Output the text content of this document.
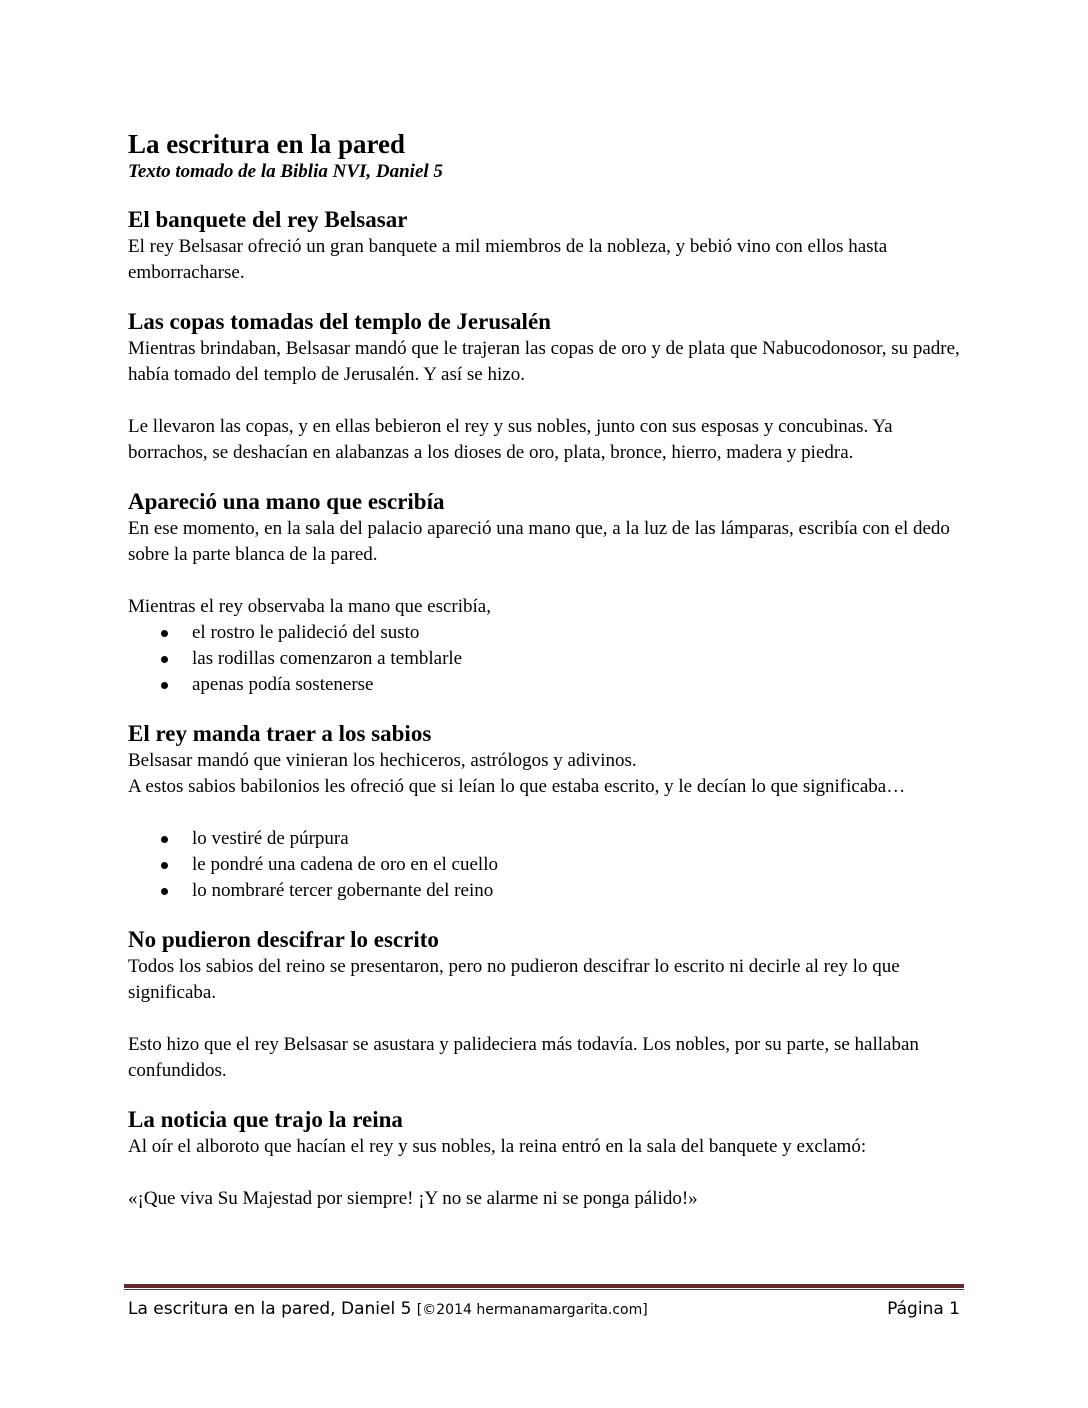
La escritura en la pared
Texto tomado de la Biblia NVI, Daniel 5
El banquete del rey Belsasar

El rey Belsasar ofreció un gran banquete a mil miembros de la nobleza, y bebió vino con ellos hasta emborracharse.

Las copas tomadas del templo de Jerusalén

Mientras brindaban, Belsasar mandó que le trajeran las copas de oro y de plata que Nabucodonosor, su padre, había tomado del templo de Jerusalén. Y así se hizo.

Le llevaron las copas, y en ellas bebieron el rey y sus nobles, junto con sus esposas y concubinas. Ya borrachos, se deshacían en alabanzas a los dioses de oro, plata, bronce, hierro, madera y piedra.

Apareció una mano que escribía

En ese momento, en la sala del palacio apareció una mano que, a la luz de las lámparas, escribía con el dedo sobre la parte blanca de la pared.

Mientras el rey observaba la mano que escribía,

el rostro le palideció del susto
las rodillas comenzaron a temblarle
apenas podía sostenerse
El rey manda traer a los sabios

Belsasar mandó que vinieran los hechiceros, astrólogos y adivinos.

A estos sabios babilonios les ofreció que si leían lo que estaba escrito, y le decían lo que significaba…

lo vestiré de púrpura
le pondré una cadena de oro en el cuello
lo nombraré tercer gobernante del reino
No pudieron descifrar lo escrito

Todos los sabios del reino se presentaron, pero no pudieron descifrar lo escrito ni decirle al rey lo que significaba.

Esto hizo que el rey Belsasar se asustara y palideciera más todavía. Los nobles, por su parte, se hallaban confundidos.

La noticia que trajo la reina

Al oír el alboroto que hacían el rey y sus nobles, la reina entró en la sala del banquete y exclamó:

«¡Que viva Su Majestad por siempre! ¡Y no se alarme ni se ponga pálido!»

La escritura en la pared, Daniel 5 [©2014 hermanamargarita.com]	Página 1
